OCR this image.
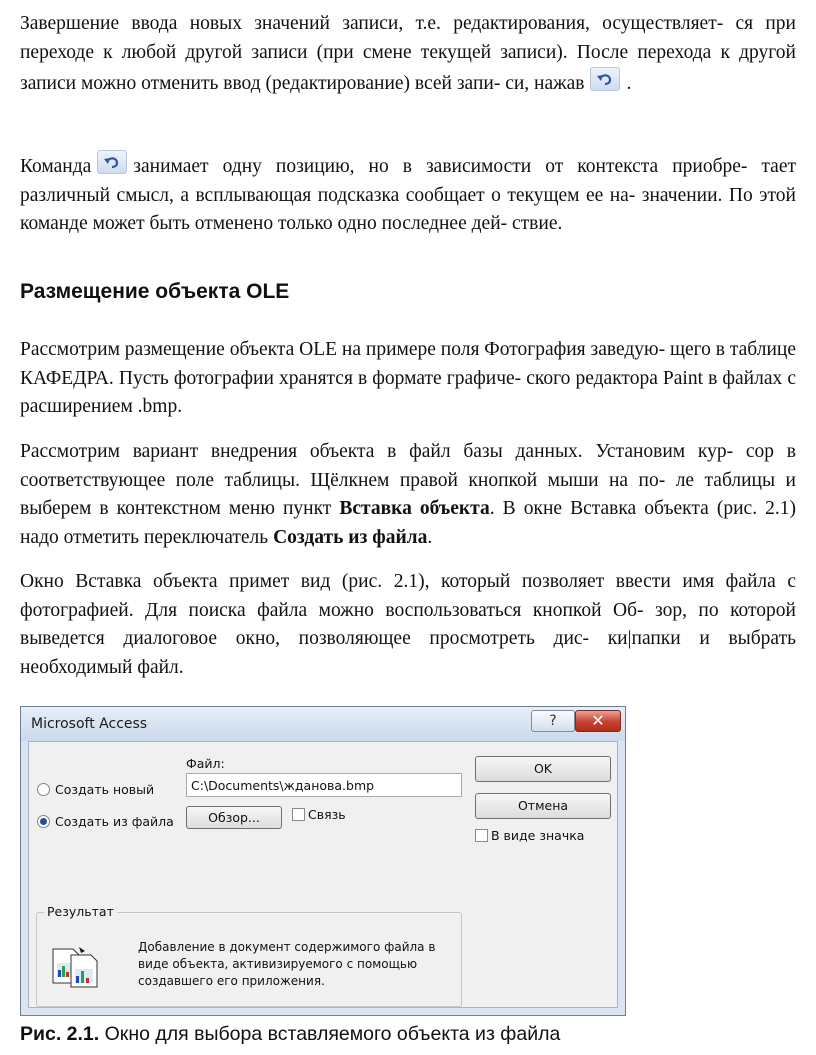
Завершение ввода новых значений записи, т.е. редактирования, осуществляет- ся при переходе к любой другой записи (при смене текущей записи). После перехода к другой записи можно отменить ввод (редактирование) всей запи- си, нажав .

Команда занимает одну позицию, но в зависимости от контекста приобре- тает различный смысл, а всплывающая подсказка сообщает о текущем ее на- значении. По этой команде может быть отменено только одно последнее дей- ствие.

Размещение объекта OLE

Рассмотрим размещение объекта OLE на примере поля Фотография заведую- щего в таблице КАФЕДРА. Пусть фотографии хранятся в формате графиче- ского редактора Paint в файлах с расширением .bmp.

Рассмотрим вариант внедрения объекта в файл базы данных. Установим кур- сор в соответствующее поле таблицы. Щёлкнем правой кнопкой мыши на по- ле таблицы и выберем в контекстном меню пункт Вставка объекта. В окне Вставка объекта (рис. 2.1) надо отметить переключатель Создать из файла.

Окно Вставка объекта примет вид (рис. 2.1), который позволяет ввести имя файла с фотографией. Для поиска файла можно воспользоваться кнопкой Об- зор, по которой выведется диалоговое окно, позволяющее просмотреть дис- ки|папки и выбрать необходимый файл.

Microsoft Access	?	✕
Создать новый
Создать из файла
Файл:
C:\Documents\ждaнова.bmp
Обзор...	Связь
OK
Отмена
В виде значка
Результат
Добавление в документ содержимого файла в виде объекта, активизируемого с помощью создавшего его приложения.

Рис. 2.1. Окно для выбора вставляемого объекта из файла
